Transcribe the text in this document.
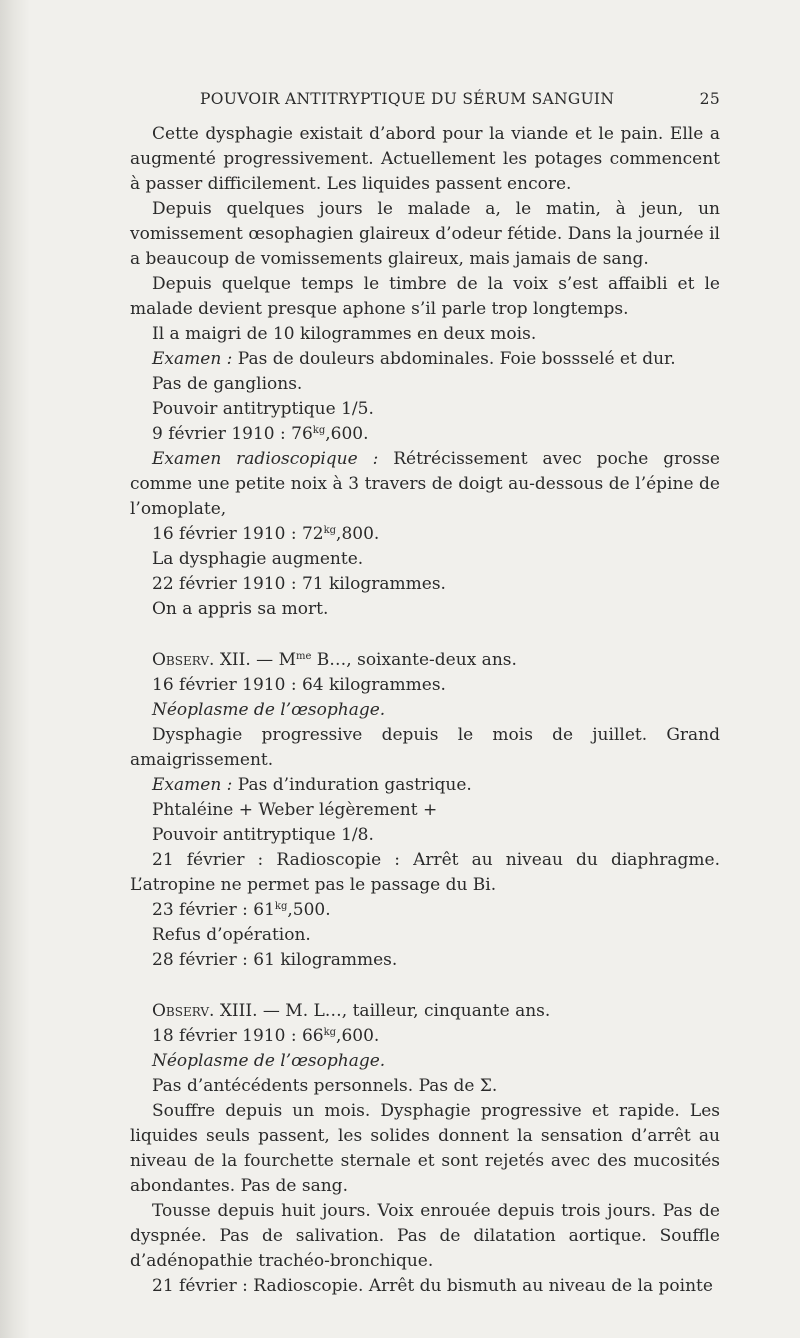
POUVOIR ANTITRYPTIQUE DU SÉRUM SANGUIN	25

Cette dysphagie existait d’abord pour la viande et le pain. Elle a augmenté progressivement. Actuellement les potages commencent à passer difficilement. Les liquides passent encore.

Depuis quelques jours le malade a, le matin, à jeun, un vomissement œsophagien glaireux d’odeur fétide. Dans la journée il a beaucoup de vomissements glaireux, mais jamais de sang.

Depuis quelque temps le timbre de la voix s’est affaibli et le malade devient presque aphone s’il parle trop longtemps.

Il a maigri de 10 kilogrammes en deux mois.

Examen : Pas de douleurs abdominales. Foie bossselé et dur.

Pas de ganglions.

Pouvoir antitryptique 1/5.

9 février 1910 : $76^{kg},600$.

Examen radioscopique : Rétrécissement avec poche grosse comme une petite noix à 3 travers de doigt au-dessous de l’épine de l’omoplate,

16 février 1910 : $72^{kg},800$.

La dysphagie augmente.

22 février 1910 : 71 kilogrammes.

On a appris sa mort.

Observ. XII. — $M^{me}$ B…, soixante-deux ans.

16 février 1910 : 64 kilogrammes.

Néoplasme de l’œsophage.

Dysphagie progressive depuis le mois de juillet. Grand amaigrissement.

Examen : Pas d’induration gastrique.

Phtaléine + Weber légèrement +

Pouvoir antitryptique 1/8.

21 février : Radioscopie : Arrêt au niveau du diaphragme. L’atropine ne permet pas le passage du Bi.

23 février : $61^{kg},500$.

Refus d’opération.

28 février : 61 kilogrammes.

Observ. XIII. — M. L…, tailleur, cinquante ans.

18 février 1910 : $66^{kg},600$.

Néoplasme de l’œsophage.

Pas d’antécédents personnels. Pas de Σ.

Souffre depuis un mois. Dysphagie progressive et rapide. Les liquides seuls passent, les solides donnent la sensation d’arrêt au niveau de la fourchette sternale et sont rejetés avec des mucosités abondantes. Pas de sang.

Tousse depuis huit jours. Voix enrouée depuis trois jours. Pas de dyspnée. Pas de salivation. Pas de dilatation aortique. Souffle d’adénopathie trachéo-bronchique.

21 février : Radioscopie. Arrêt du bismuth au niveau de la pointe
